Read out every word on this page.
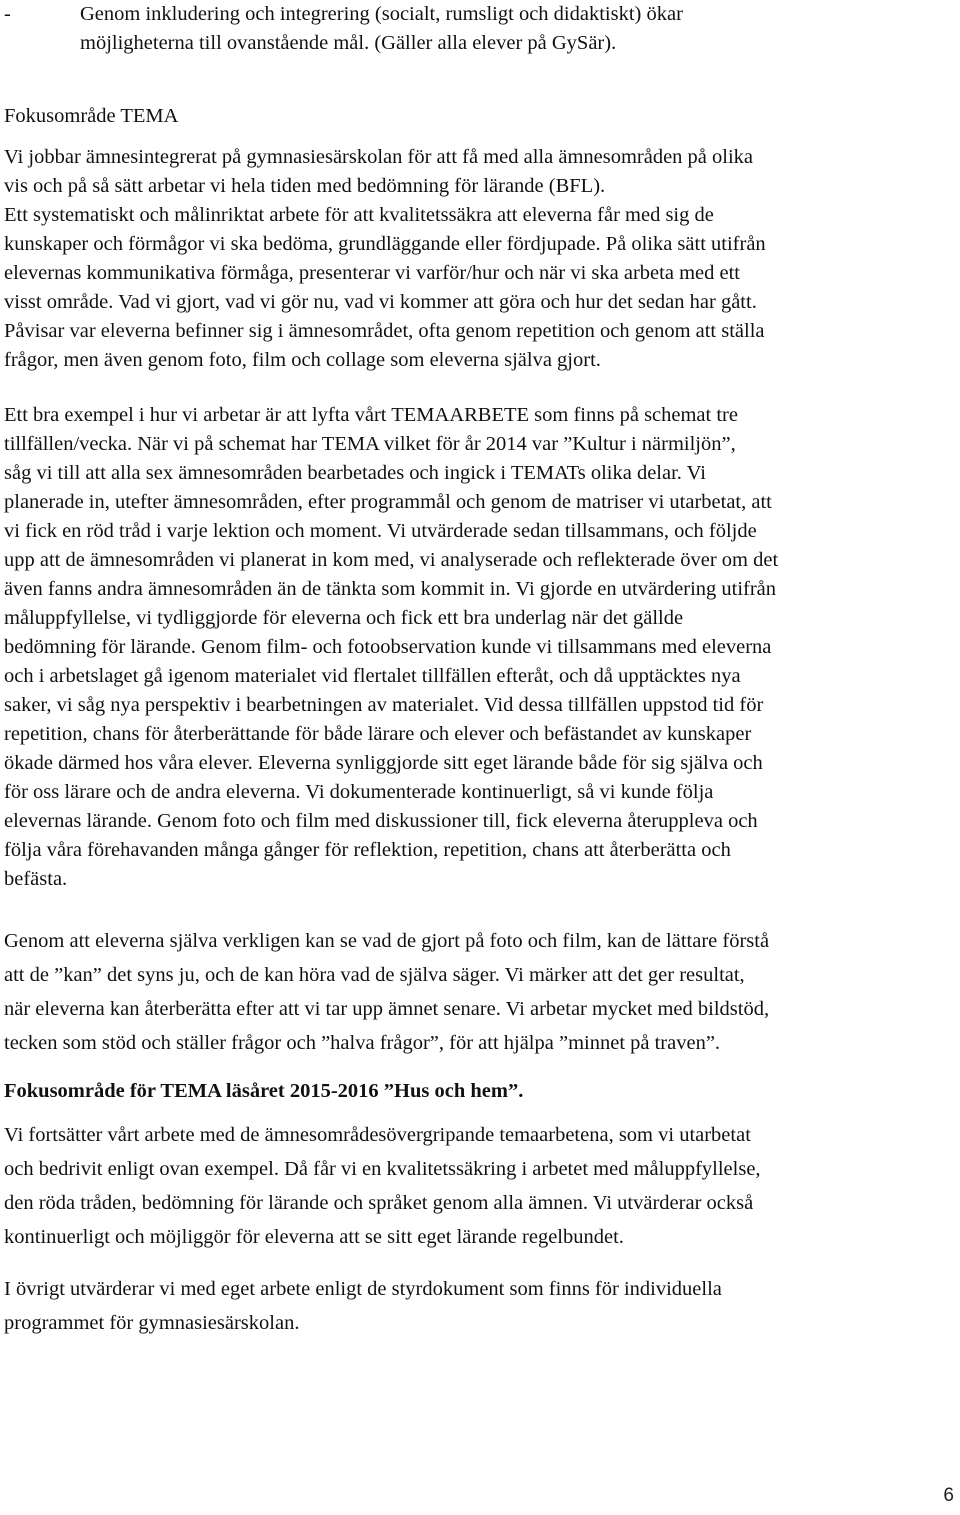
-	Genom inkludering och integrering (socialt, rumsligt och didaktiskt) ökar
möjligheterna till ovanstående mål. (Gäller alla elever på GySär).
Fokusområde TEMA
Vi jobbar ämnesintegrerat på gymnasiesärskolan för att få med alla ämnesområden på olika
vis och på så sätt arbetar vi hela tiden med bedömning för lärande (BFL).
Ett systematiskt och målinriktat arbete för att kvalitetssäkra att eleverna får med sig de
kunskaper och förmågor vi ska bedöma, grundläggande eller fördjupade. På olika sätt utifrån
elevernas kommunikativa förmåga, presenterar vi varför/hur och när vi ska arbeta med ett
visst område. Vad vi gjort, vad vi gör nu, vad vi kommer att göra och hur det sedan har gått.
Påvisar var eleverna befinner sig i ämnesområdet, ofta genom repetition och genom att ställa
frågor, men även genom foto, film och collage som eleverna själva gjort.
Ett bra exempel i hur vi arbetar är att lyfta vårt TEMAARBETE som finns på schemat tre
tillfällen/vecka. När vi på schemat har TEMA vilket för år 2014 var ”Kultur i närmiljön”,
såg vi till att alla sex ämnesområden bearbetades och ingick i TEMATs olika delar. Vi
planerade in, utefter ämnesområden, efter programmål och genom de matriser vi utarbetat, att
vi fick en röd tråd i varje lektion och moment. Vi utvärderade sedan tillsammans, och följde
upp att de ämnesområden vi planerat in kom med, vi analyserade och reflekterade över om det
även fanns andra ämnesområden än de tänkta som kommit in. Vi gjorde en utvärdering utifrån
måluppfyllelse, vi tydliggjorde för eleverna och fick ett bra underlag när det gällde
bedömning för lärande. Genom film- och fotoobservation kunde vi tillsammans med eleverna
och i arbetslaget gå igenom materialet vid flertalet tillfällen efteråt, och då upptäcktes nya
saker, vi såg nya perspektiv i bearbetningen av materialet. Vid dessa tillfällen uppstod tid för
repetition, chans för återberättande för både lärare och elever och befästandet av kunskaper
ökade därmed hos våra elever. Eleverna synliggjorde sitt eget lärande både för sig själva och
för oss lärare och de andra eleverna. Vi dokumenterade kontinuerligt, så vi kunde följa
elevernas lärande. Genom foto och film med diskussioner till, fick eleverna återuppleva och
följa våra förehavanden många gånger för reflektion, repetition, chans att återberätta och
befästa.
Genom att eleverna själva verkligen kan se vad de gjort på foto och film, kan de lättare förstå
att de ”kan” det syns ju, och de kan höra vad de själva säger. Vi märker att det ger resultat,
när eleverna kan återberätta efter att vi tar upp ämnet senare. Vi arbetar mycket med bildstöd,
tecken som stöd och ställer frågor och ”halva frågor”, för att hjälpa ”minnet på traven”.
Fokusområde för TEMA läsåret 2015-2016 ”Hus och hem”.
Vi fortsätter vårt arbete med de ämnesområdesövergripande temaarbetena, som vi utarbetat
och bedrivit enligt ovan exempel. Då får vi en kvalitetssäkring i arbetet med måluppfyllelse,
den röda tråden, bedömning för lärande och språket genom alla ämnen. Vi utvärderar också
kontinuerligt och möjliggör för eleverna att se sitt eget lärande regelbundet.
I övrigt utvärderar vi med eget arbete enligt de styrdokument som finns för individuella
programmet för gymnasiesärskolan.
6
